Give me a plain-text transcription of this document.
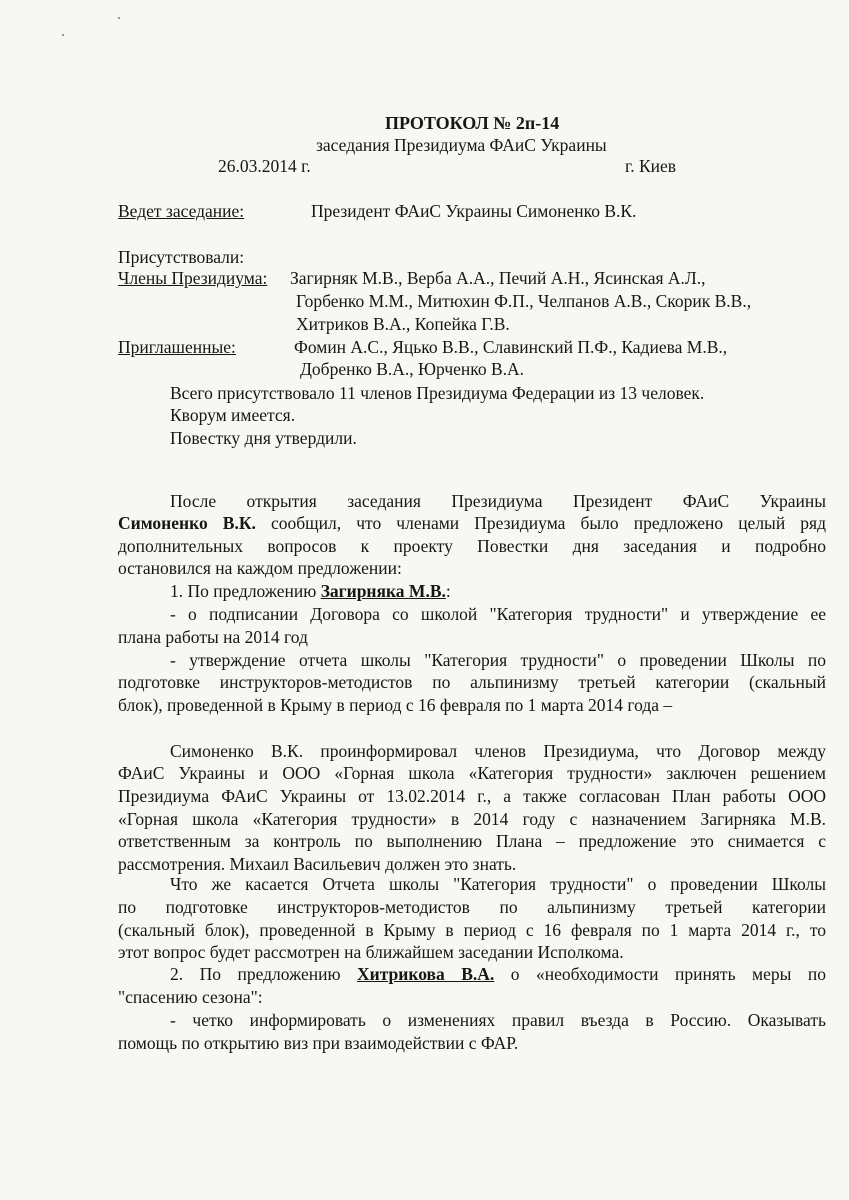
ПРОТОКОЛ № 2п-14
заседания Президиума ФАиС Украины
26.03.2014 г.	г. Киев
Ведет заседание:	Президент ФАиС Украины Симоненко В.К.
Присутствовали:
Члены Президиума: Загирняк М.В., Верба А.А., Печий А.Н., Ясинская А.Л.,
Горбенко М.М., Митюхин Ф.П., Челпанов А.В., Скорик В.В.,
Хитриков В.А., Копейка Г.В.
Приглашенные:	Фомин А.С., Яцько В.В., Славинский П.Ф., Кадиева М.В.,
Добренко В.А., Юрченко В.А.
Всего присутствовало 11 членов Президиума Федерации из 13 человек.
Кворум имеется.
Повестку дня утвердили.
После открытия заседания Президиума Президент ФАиС Украины
Симоненко В.К. сообщил, что членами Президиума было предложено целый ряд
дополнительных вопросов к проекту Повестки дня заседания и подробно
остановился на каждом предложении:
1. По предложению Загирняка М.В.:
- о подписании Договора со школой "Категория трудности" и утверждение ее
плана работы на 2014 год
- утверждение отчета школы "Категория трудности" о проведении Школы по
подготовке инструкторов-методистов по альпинизму третьей категории (скальный
блок), проведенной в Крыму в период с 16 февраля по 1 марта 2014 года –
Симоненко В.К. проинформировал членов Президиума, что Договор между
ФАиС Украины и ООО «Горная школа «Категория трудности» заключен решением
Президиума ФАиС Украины от 13.02.2014 г., а также согласован План работы ООО
«Горная школа «Категория трудности» в 2014 году с назначением Загирняка М.В.
ответственным за контроль по выполнению Плана – предложение это снимается с
рассмотрения. Михаил Васильевич должен это знать.
Что же касается Отчета школы "Категория трудности" о проведении Школы
по подготовке инструкторов-методистов по альпинизму третьей категории
(скальный блок), проведенной в Крыму в период с 16 февраля по 1 марта 2014 г., то
этот вопрос будет рассмотрен на ближайшем заседании Исполкома.
2. По предложению Хитрикова В.А. о «необходимости принять меры по
"спасению сезона":
- четко информировать о изменениях правил въезда в Россию. Оказывать
помощь по открытию виз при взаимодействии с ФАР.
